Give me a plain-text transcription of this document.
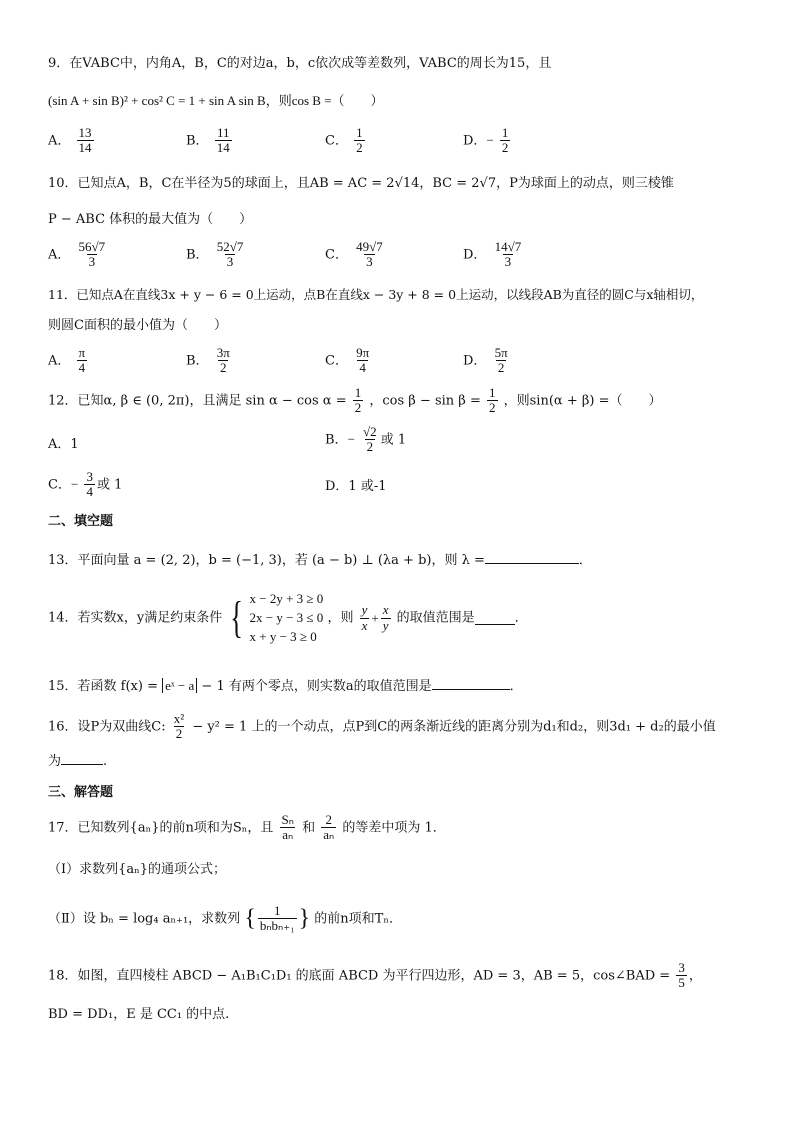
9．在VABC中，内角A，B，C的对边a，b，c依次成等差数列，VABC的周长为15，且
(sin A + sin B)² + cos² C = 1 + sin A sin B，则cos B =（　　）
A． $\frac{13}{14}$	B． $\frac{11}{14}$	C． $\frac{1}{2}$	D．− $\frac{1}{2}$
10．已知点A，B，C在半径为5的球面上，且AB = AC = 2√14，BC = 2√7，P为球面上的动点，则三棱锥
P − ABC 体积的最大值为（　　）
A． $\frac{56√7}{3}$	B． $\frac{52√7}{3}$	C． $\frac{49√7}{3}$	D． $\frac{14√7}{3}$
11．已知点A在直线3x + y − 6 = 0上运动，点B在直线x − 3y + 8 = 0上运动，以线段AB为直径的圆C与x轴相切，
则圆C面积的最小值为（　　）
A． $\frac{\pi}{4}$	B． $\frac{3\pi}{2}$	C． $\frac{9\pi}{4}$	D． $\frac{5\pi}{2}$
12．已知α, β ∈ (0, 2π)，且满足 $\sin \alpha - \cos \alpha = \frac{1}{2}$ ，$\cos \beta - \sin \beta = \frac{1}{2}$ ，则sin(α + β) =（　　）
A．1	B．− $\frac{√2}{2}$ 或 1
C．− $\frac{3}{4}$ 或 1	D．1 或-1
二、填空题
13．平面向量 a = (2, 2)，b = (−1, 3)，若 (a − b) ⊥ (λa + b)，则 λ =	．
14．若实数x，y满足约束条件 { x − 2y + 3 ≥ 0
2x − y − 3 ≤ 0
x + y − 3 ≥ 0
，则 $\frac{y}{x} + \frac{x}{y}$ 的取值范围是	．
15．若函数 f(x) = eˣ − a − 1 有两个零点，则实数a的取值范围是	．
16．设P为双曲线C: $\frac{\text{x²}}{2} - y^2 = 1$ 上的一个动点，点P到C的两条渐近线的距离分别为d₁和d₂，则3d₁ + d₂的最小值
为	.
三、解答题
17．已知数列{aₙ}的前n项和为Sₙ，且 $\frac{\text{Sₙ}}{\text{aₙ}}$ 和 $\frac{2}{\text{aₙ}}$ 的等差中项为 1．
（Ⅰ）求数列{aₙ}的通项公式；
（Ⅱ）设 bₙ = log₄ aₙ₊₁，求数列 { $\frac{1}{\text{bₙbₙ₊₁}}$ } 的前n项和Tₙ．
18．如图，直四棱柱 ABCD − A₁B₁C₁D₁ 的底面 ABCD 为平行四边形，AD = 3，AB = 5，cos∠BAD = $\frac{3}{5}$ ，
BD = DD₁，E 是 CC₁ 的中点.
